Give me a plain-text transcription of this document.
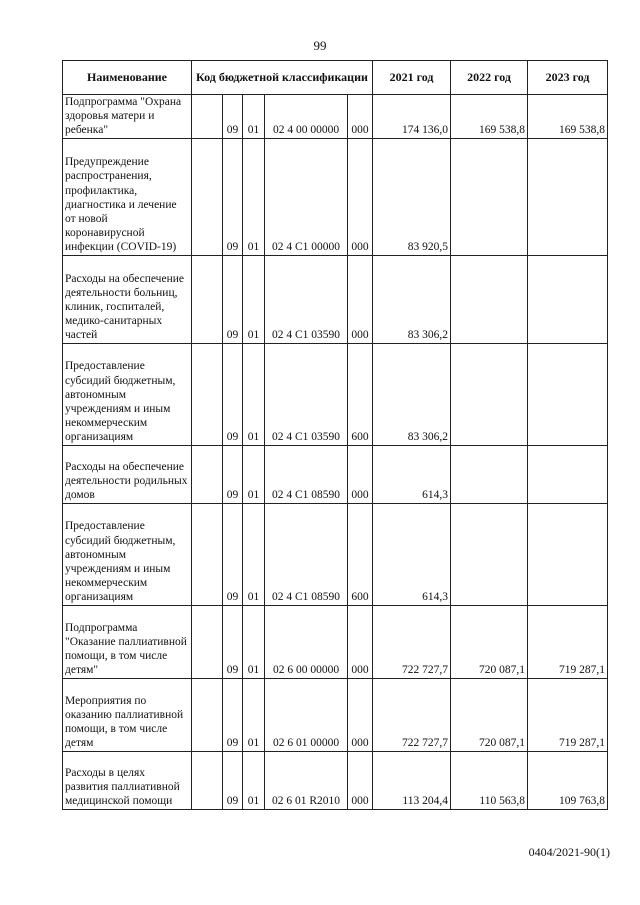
99
Наименование	Код бюджетной классификации					2021 год	2022 год	2023 год
Подпрограмма "Охрана здоровья матери и ребенка"		09	01	02 4 00 00000	000	174 136,0	169 538,8	169 538,8
Предупреждение распространения, профилактика, диагностика и лечение от новой коронавирусной инфекции (COVID-19)		09	01	02 4 С1 00000	000	83 920,5		
Расходы на обеспечение деятельности больниц, клиник, госпиталей, медико-санитарных частей		09	01	02 4 С1 03590	000	83 306,2		
Предоставление субсидий бюджетным, автономным учреждениям и иным некоммерческим организациям		09	01	02 4 С1 03590	600	83 306,2		
Расходы на обеспечение деятельности родильных домов		09	01	02 4 С1 08590	000	614,3		
Предоставление субсидий бюджетным, автономным учреждениям и иным некоммерческим организациям		09	01	02 4 С1 08590	600	614,3		
Подпрограмма "Оказание паллиативной помощи, в том числе детям"		09	01	02 6 00 00000	000	722 727,7	720 087,1	719 287,1
Мероприятия по оказанию паллиативной помощи, в том числе детям		09	01	02 6 01 00000	000	722 727,7	720 087,1	719 287,1
Расходы в целях развития паллиативной медицинской помощи		09	01	02 6 01 R2010	000	113 204,4	110 563,8	109 763,8
0404/2021-90(1)
